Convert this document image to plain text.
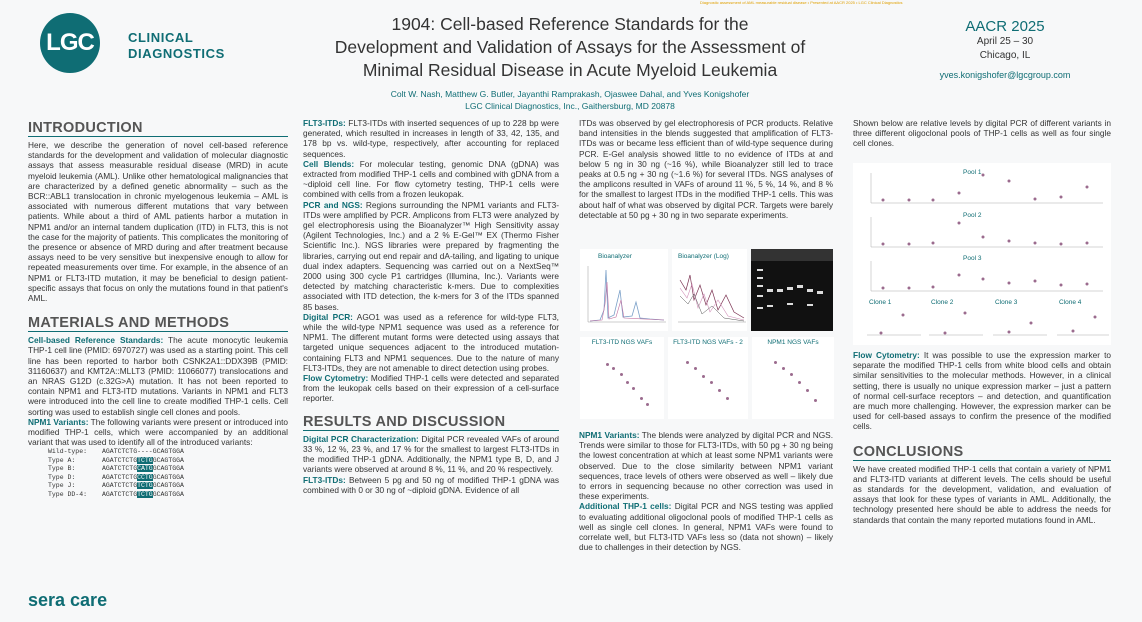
Diagnostic assessment of AML measurable residual disease • Presented at AACR 2025 • LGC Clinical Diagnostics
LGC	CLINICAL
DIAGNOSTICS
1904: Cell-based Reference Standards for the
Development and Validation of Assays for the Assessment of
Minimal Residual Disease in Acute Myeloid Leukemia
AACR 2025
April 25 – 30
Chicago, IL
yves.konigshofer@lgcgroup.com
Colt W. Nash, Matthew G. Butler, Jayanthi Ramprakash, Ojaswee Dahal, and Yves Konigshofer
LGC Clinical Diagnostics, Inc., Gaithersburg, MD 20878
INTRODUCTION
Here, we describe the generation of novel cell-based reference standards for the development and validation of molecular diagnostic assays that assess measurable residual disease (MRD) in acute myeloid leukemia (AML). Unlike other hematological malignancies that are characterized by a defined genetic abnormality – such as the BCR::ABL1 translocation in chronic myelogenous leukemia – AML is associated with numerous different mutations that vary between patients. While about a third of AML patients harbor a mutation in NPM1 and/or an internal tandem duplication (ITD) in FLT3, this is not the case for the majority of patients. This complicates the monitoring of the presence or absence of MRD during and after treatment because assays need to be very sensitive but inexpensive enough to allow for repeated measurements over time. For example, in the absence of an NPM1 or FLT3-ITD mutation, it may be beneficial to design patient-specific assays that focus on only the mutations found in that patient's AML.
MATERIALS AND METHODS
Cell-based Reference Standards: The acute monocytic leukemia THP-1 cell line (PMID: 6970727) was used as a starting point. This cell line has been reported to harbor both CSNK2A1::DDX39B (PMID: 31160637) and KMT2A::MLLT3 (PMID: 11066077) translocations and an NRAS G12D (c.32G>A) mutation. It has not been reported to contain NPM1 and FLT3-ITD mutations. Variants in NPM1 and FLT3 were introduced into the cell line to create modified THP-1 cells. Cell sorting was used to establish single cell clones and pools.
NPM1 Variants: The following variants were present or introduced into modified THP-1 cells, which were accompanied by an additional variant that was used to identify all of the introduced variants:
Wild-type: AGATCTCTG----GCAGTGGA
Type A:	AGATCTCTGTCTGGCAGTGGA
Type B:	AGATCTCTGCATGGCAGTGGA
Type D:	AGATCTCTGCCTGGCAGTGGA
Type J:	AGATCTCTGTCTGGCAGTGGA
Type DD-4: AGATCTCTGTCTGGCAGTGGA
sera care
FLT3-ITDs: FLT3-ITDs with inserted sequences of up to 228 bp were generated, which resulted in increases in length of 33, 42, 135, and 178 bp vs. wild-type, respectively, after accounting for replaced sequences.
Cell Blends: For molecular testing, genomic DNA (gDNA) was extracted from modified THP-1 cells and combined with gDNA from a ~diploid cell line. For flow cytometry testing, THP-1 cells were combined with cells from a frozen leukopak.
PCR and NGS: Regions surrounding the NPM1 variants and FLT3-ITDs were amplified by PCR. Amplicons from FLT3 were analyzed by gel electrophoresis using the Bioanalyzer™ High Sensitivity assay (Agilent Technologies, Inc.) and a 2 % E-Gel™ EX (Thermo Fisher Scientific Inc.). NGS libraries were prepared by fragmenting the libraries, carrying out end repair and dA-tailing, and ligating to unique dual index adapters. Sequencing was carried out on a NextSeq™ 2000 using 300 cycle P1 cartridges (Illumina, Inc.). Variants were detected by matching characteristic k-mers. Due to complexities associated with ITD detection, the k-mers for 3 of the ITDs spanned 85 bases.
Digital PCR: AGO1 was used as a reference for wild-type FLT3, while the wild-type NPM1 sequence was used as a reference for NPM1. The different mutant forms were detected using assays that targeted unique sequences adjacent to the introduced mutation-containing FLT3 and NPM1 sequences. Due to the nature of many FLT3-ITDs, they are not amenable to direct detection using probes.
Flow Cytometry: Modified THP-1 cells were detected and separated from the leukopak cells based on their expression of a cell-surface reporter.
RESULTS AND DISCUSSION
Digital PCR Characterization: Digital PCR revealed VAFs of around 33 %, 12 %, 23 %, and 17 % for the smallest to largest FLT3-ITDs in the modified THP-1 gDNA. Additionally, the NPM1 type B, D, and J variants were observed at around 8 %, 11 %, and 20 % respectively.
FLT3-ITDs: Between 5 pg and 50 ng of modified THP-1 gDNA was combined with 0 or 30 ng of ~diploid gDNA. Evidence of all
ITDs was observed by gel electrophoresis of PCR products. Relative band intensities in the blends suggested that amplification of FLT3-ITDs was or became less efficient than of wild-type sequence during PCR. E-Gel analysis showed little to no evidence of ITDs at and below 5 ng in 30 ng (~16 %), while Bioanalyzer still led to trace peaks at 0.5 ng + 30 ng (~1.6 %) for several ITDs. NGS analyses of the amplicons resulted in VAFs of around 11 %, 5 %, 14 %, and 8 % for the smallest to largest ITDs in the modified THP-1 cells. This was about half of what was observed by digital PCR. Targets were barely detectable at 50 pg + 30 ng in two separate experiments.
Bioanalyzer	Bioanalyzer (Log)
FLT3-ITD NGS VAFs	FLT3-ITD NGS VAFs - 2	NPM1 NGS VAFs
NPM1 Variants: The blends were analyzed by digital PCR and NGS. Trends were similar to those for FLT3-ITDs, with 50 pg + 30 ng being the lowest concentration at which at least some NPM1 variants were observed. Due to the close similarity between NPM1 variant sequences, trace levels of others were observed as well – likely due to errors in sequencing because no other correction was used in these experiments.
Additional THP-1 cells: Digital PCR and NGS testing was applied to evaluating additional oligoclonal pools of modified THP-1 cells as well as single cell clones. In general, NPM1 VAFs were found to correlate well, but FLT3-ITD VAFs less so (data not shown) – likely due to challenges in their detection by NGS.
Shown below are relative levels by digital PCR of different variants in three different oligoclonal pools of THP-1 cells as well as four single cell clones.
Pool 1
Pool 2
Pool 3
Clone 1	Clone 2	Clone 3	Clone 4
Flow Cytometry: It was possible to use the expression marker to separate the modified THP-1 cells from white blood cells and obtain similar sensitivities to the molecular methods. However, in a clinical setting, there is usually no unique expression marker – just a pattern of normal cell-surface receptors – and detection, and quantification are much more challenging. However, the expression marker can be used for cell-based assays to confirm the presence of the modified cells.
CONCLUSIONS
We have created modified THP-1 cells that contain a variety of NPM1 and FLT3-ITD variants at different levels. The cells should be useful as standards for the development, validation, and evaluation of assays that look for these types of variants in AML. Additionally, the technology presented here should be able to address the needs for standards that contain the many reported mutations found in AML.
